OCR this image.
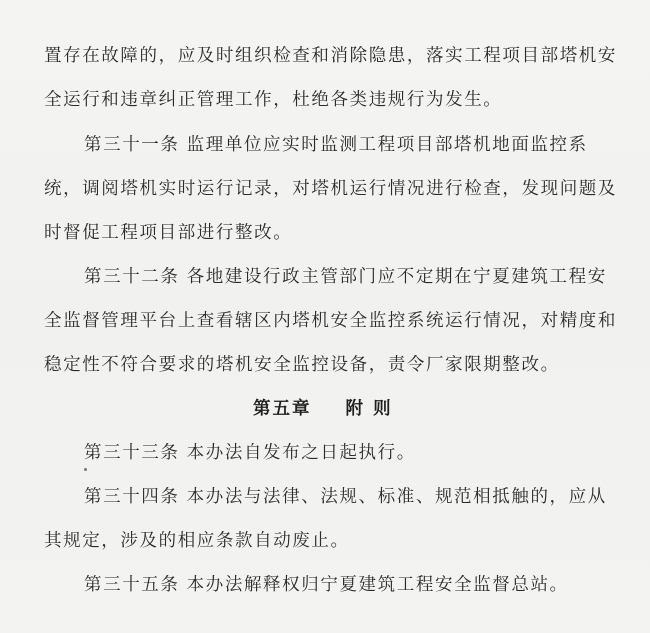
置存在故障的，应及时组织检查和消除隐患，落实工程项目部塔机安
全运行和违章纠正管理工作，杜绝各类违规行为发生。
第三十一条 监理单位应实时监测工程项目部塔机地面监控系
统，调阅塔机实时运行记录，对塔机运行情况进行检查，发现问题及
时督促工程项目部进行整改。
第三十二条 各地建设行政主管部门应不定期在宁夏建筑工程安
全监督管理平台上查看辖区内塔机安全监控系统运行情况，对精度和
稳定性不符合要求的塔机安全监控设备，责令厂家限期整改。
第五章 附 则
第三十三条 本办法自发布之日起执行。
第三十四条 本办法与法律、法规、标准、规范相抵触的，应从
其规定，涉及的相应条款自动废止。
第三十五条 本办法解释权归宁夏建筑工程安全监督总站。
